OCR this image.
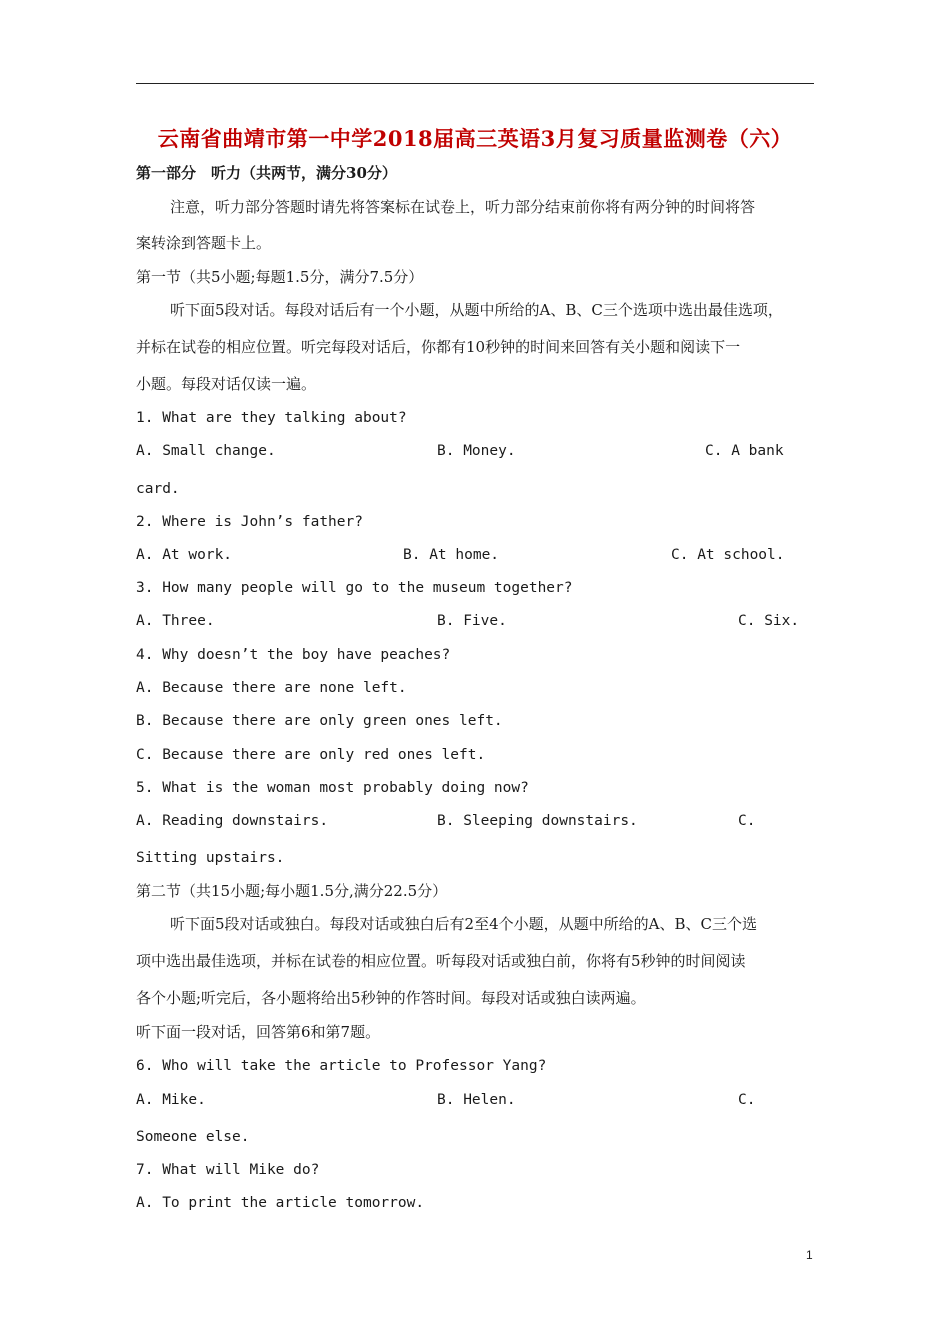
云南省曲靖市第一中学2018届高三英语3月复习质量监测卷（六）
第一部分　听力（共两节，满分30分）
注意，听力部分答题时请先将答案标在试卷上，听力部分结束前你将有两分钟的时间将答
案转涂到答题卡上。
第一节（共5小题;每题1.5分，满分7.5分）
听下面5段对话。每段对话后有一个小题，从题中所给的A、B、C三个选项中选出最佳选项，
并标在试卷的相应位置。听完每段对话后，你都有10秒钟的时间来回答有关小题和阅读下一
小题。每段对话仅读一遍。
1. What are they talking about?
A. Small change.	B. Money.	C. A bank
card.
2. Where is John’s father?
A. At work.	B. At home.	C. At school.
3. How many people will go to the museum together?
A. Three.	B. Five.	C. Six.
4. Why doesn’t the boy have peaches?
A. Because there are none left.
B. Because there are only green ones left.
C. Because there are only red ones left.
5. What is the woman most probably doing now?
A. Reading downstairs.	B. Sleeping downstairs.	C.
Sitting upstairs.
第二节（共15小题;每小题1.5分,满分22.5分）
听下面5段对话或独白。每段对话或独白后有2至4个小题，从题中所给的A、B、C三个选
项中选出最佳选项，并标在试卷的相应位置。听每段对话或独白前，你将有5秒钟的时间阅读
各个小题;听完后，各小题将给出5秒钟的作答时间。每段对话或独白读两遍。
听下面一段对话，回答第6和第7题。
6. Who will take the article to Professor Yang?
A. Mike.	B. Helen.	C.
Someone else.
7. What will Mike do?
A. To print the article tomorrow.
1
